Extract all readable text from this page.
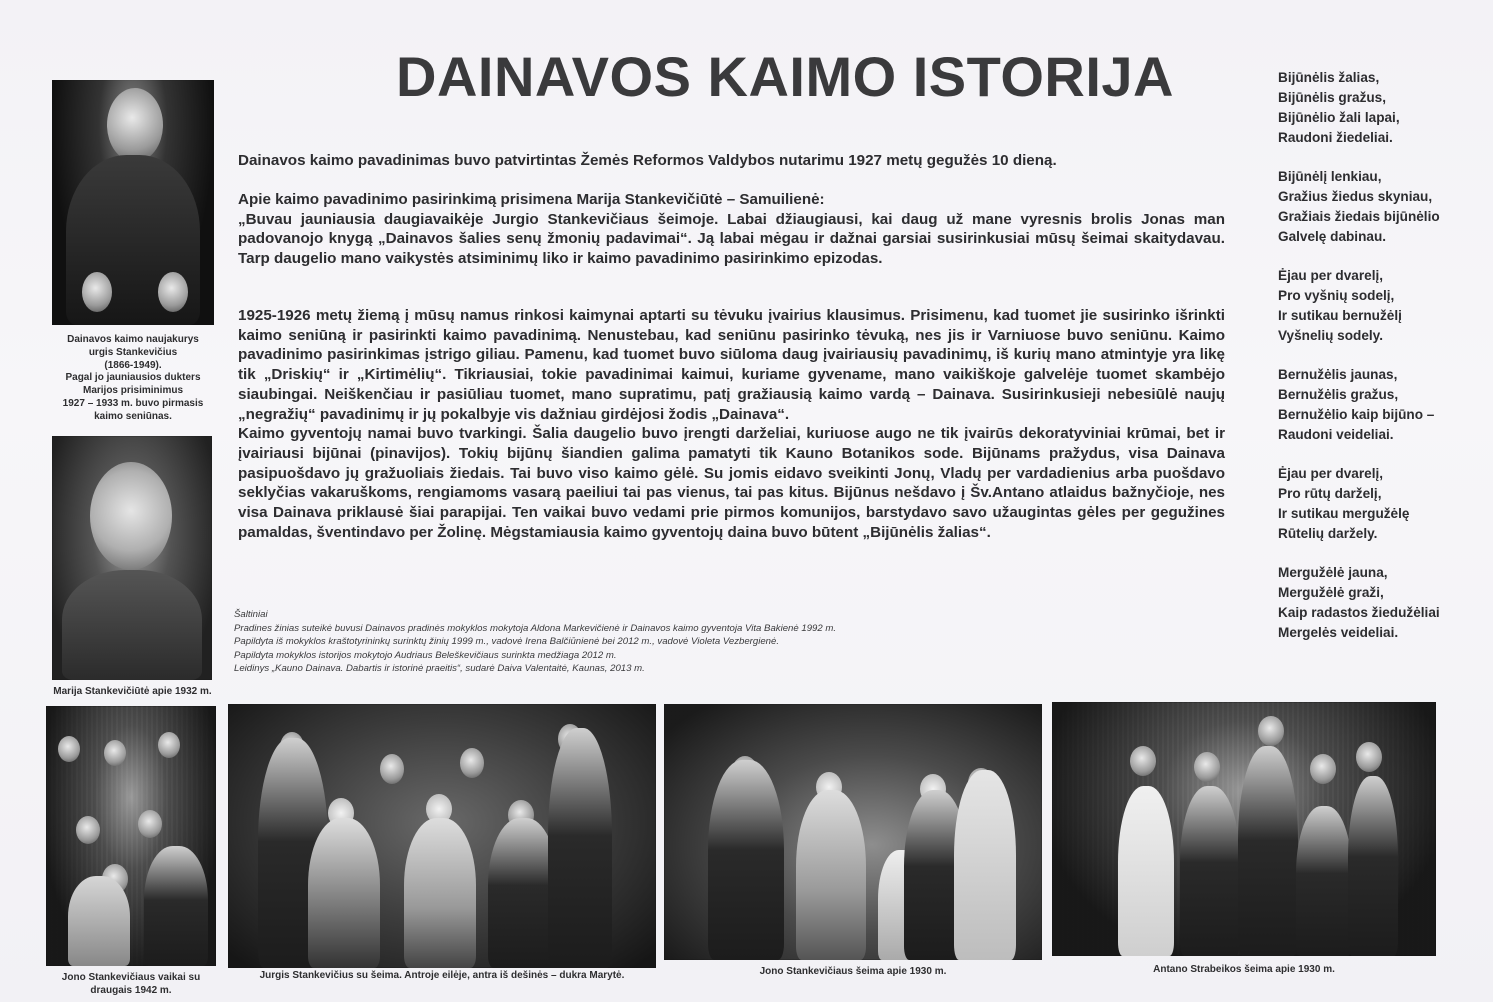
DAINAVOS KAIMO ISTORIJA
Dainavos kaimo naujakurys
urgis Stankevičius
(1866-1949).
Pagal jo jauniausios dukters
Marijos prisiminimus
1927 – 1933 m. buvo pirmasis
kaimo seniūnas.
Marija Stankevičiūtė apie 1932 m.
Jono Stankevičiaus vaikai su
draugais 1942 m.
Jurgis Stankevičius su šeima. Antroje eilėje, antra iš dešinės – dukra Marytė.	Jono Stankevičiaus šeima apie 1930 m.	Antano Strabeikos šeima apie 1930 m.

Dainavos kaimo pavadinimas buvo patvirtintas Žemės Reformos Valdybos nutarimu 1927 metų gegužės 10 dieną.

Apie kaimo pavadinimo pasirinkimą prisimena Marija Stankevičiūtė – Samuilienė:

„Buvau jauniausia daugiavaikėje Jurgio Stankevičiaus šeimoje. Labai džiaugiausi, kai daug už mane vyresnis brolis Jonas man padovanojo knygą „Dainavos šalies senų žmonių padavimai“. Ją labai mėgau ir dažnai garsiai susirinkusiai mūsų šeimai skaitydavau. Tarp daugelio mano vaikystės atsiminimų liko ir kaimo pavadinimo pasirinkimo epizodas.

1925-1926 metų žiemą į mūsų namus rinkosi kaimynai aptarti su tėvuku įvairius klausimus. Prisimenu, kad tuomet jie susirinko išrinkti kaimo seniūną ir pasirinkti kaimo pavadinimą. Nenustebau, kad seniūnu pasirinko tėvuką, nes jis ir Varniuose buvo seniūnu. Kaimo pavadinimo pasirinkimas įstrigo giliau. Pamenu, kad tuomet buvo siūloma daug įvairiausių pavadinimų, iš kurių mano atmintyje yra likę tik „Driskių“ ir „Kirtimėlių“. Tikriausiai, tokie pavadinimai kaimui, kuriame gyvename, mano vaikiškoje galvelėje tuomet skambėjo siaubingai. Neiškenčiau ir pasiūliau tuomet, mano supratimu, patį gražiausią kaimo vardą – Dainava. Susirinkusieji nebesiūlė naujų „negražių“ pavadinimų ir jų pokalbyje vis dažniau girdėjosi žodis „Dainava“.

Kaimo gyventojų namai buvo tvarkingi. Šalia daugelio buvo įrengti darželiai, kuriuose augo ne tik įvairūs dekoratyviniai krūmai, bet ir įvairiausi bijūnai (pinavijos). Tokių bijūnų šiandien galima pamatyti tik Kauno Botanikos sode. Bijūnams pražydus, visa Dainava pasipuošdavo jų gražuoliais žiedais. Tai buvo viso kaimo gėlė. Su jomis eidavo sveikinti Jonų, Vladų per vardadienius arba puošdavo seklyčias vakaruškoms, rengiamoms vasarą paeiliui tai pas vienus, tai pas kitus. Bijūnus nešdavo į Šv.Antano atlaidus bažnyčioje, nes visa Dainava priklausė šiai parapijai. Ten vaikai buvo vedami prie pirmos komunijos, barstydavo savo užaugintas gėles per gegužines pamaldas, šventindavo per Žolinę. Mėgstamiausia kaimo gyventojų daina buvo būtent „Bijūnėlis žalias“.

Šaltiniai
Pradines žinias suteikė buvusi Dainavos pradinės mokyklos mokytoja Aldona Markevičienė ir Dainavos kaimo gyventoja Vita Bakienė 1992 m.
Papildyta iš mokyklos kraštotyrininkų surinktų žinių 1999 m., vadovė Irena Balčiūnienė bei 2012 m., vadovė Violeta Vezbergienė.
Papildyta mokyklos istorijos mokytojo Audriaus Beleškevičiaus surinkta medžiaga 2012 m.
Leidinys „Kauno Dainava. Dabartis ir istorinė praeitis“, sudarė Daiva Valentaitė, Kaunas, 2013 m.
Bijūnėlis žalias,
Bijūnėlis gražus,
Bijūnėlio žali lapai,
Raudoni žiedeliai.
Bijūnėlį lenkiau,
Gražius žiedus skyniau,
Gražiais žiedais bijūnėlio
Galvelę dabinau.
Ėjau per dvarelį,
Pro vyšnių sodelį,
Ir sutikau bernužėlį
Vyšnelių sodely.
Bernužėlis jaunas,
Bernužėlis gražus,
Bernužėlio kaip bijūno –
Raudoni veideliai.
Ėjau per dvarelį,
Pro rūtų darželį,
Ir sutikau mergužėlę
Rūtelių daržely.
Mergužėlė jauna,
Mergužėlė graži,
Kaip radastos žiedužėliai
Mergelės veideliai.
